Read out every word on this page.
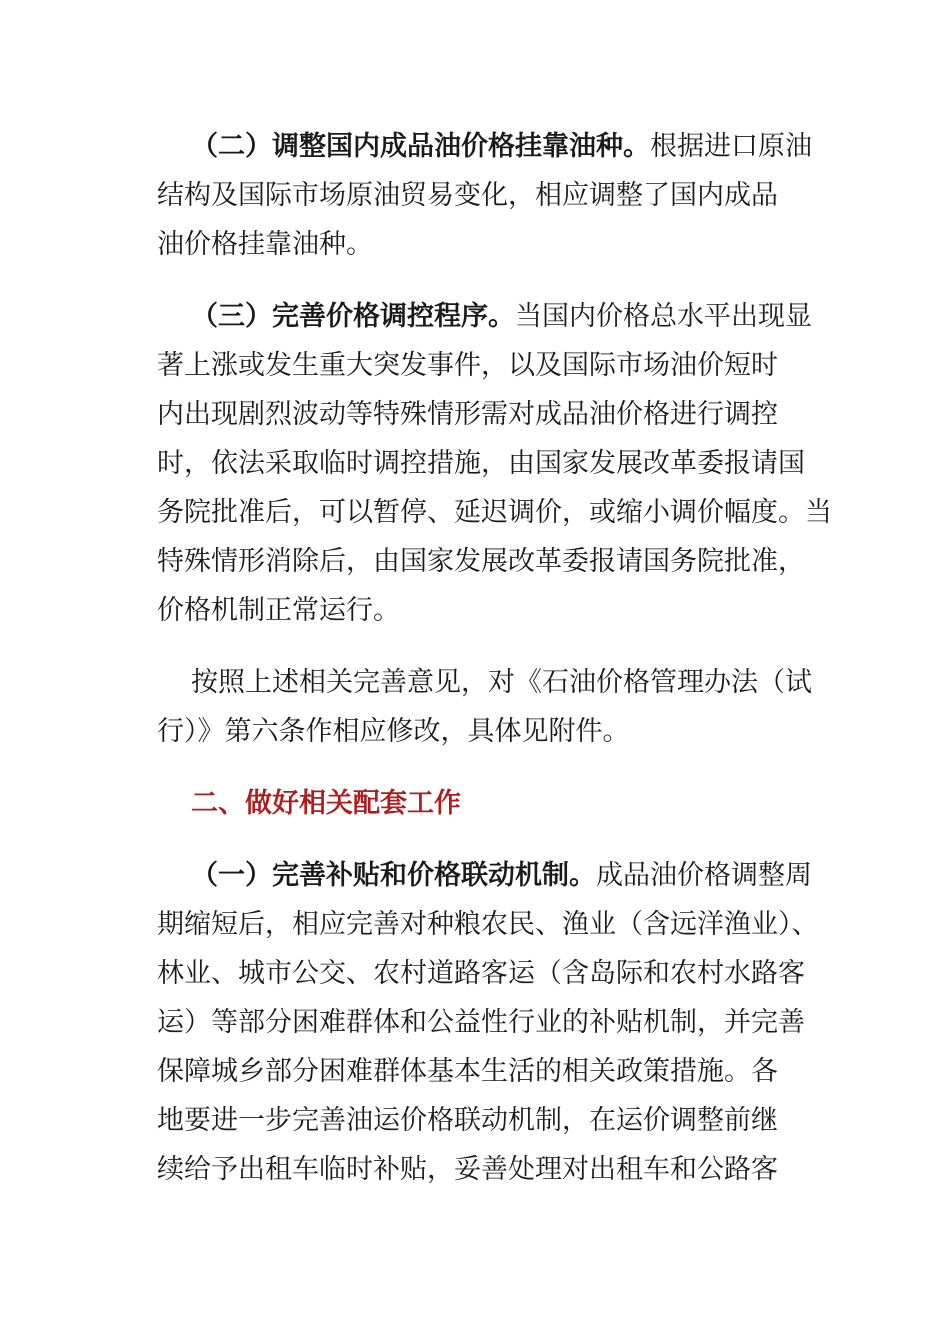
（二）调整国内成品油价格挂靠油种。根据进口原油
结构及国际市场原油贸易变化，相应调整了国内成品
油价格挂靠油种。

（三）完善价格调控程序。当国内价格总水平出现显
著上涨或发生重大突发事件，以及国际市场油价短时
内出现剧烈波动等特殊情形需对成品油价格进行调控
时，依法采取临时调控措施，由国家发展改革委报请国
务院批准后，可以暂停、延迟调价，或缩小调价幅度。当
特殊情形消除后，由国家发展改革委报请国务院批准，
价格机制正常运行。

按照上述相关完善意见，对《石油价格管理办法（试
行）》第六条作相应修改，具体见附件。

二、做好相关配套工作

（一）完善补贴和价格联动机制。成品油价格调整周
期缩短后，相应完善对种粮农民、渔业（含远洋渔业）、
林业、城市公交、农村道路客运（含岛际和农村水路客
运）等部分困难群体和公益性行业的补贴机制，并完善
保障城乡部分困难群体基本生活的相关政策措施。各
地要进一步完善油运价格联动机制，在运价调整前继
续给予出租车临时补贴，妥善处理对出租车和公路客
